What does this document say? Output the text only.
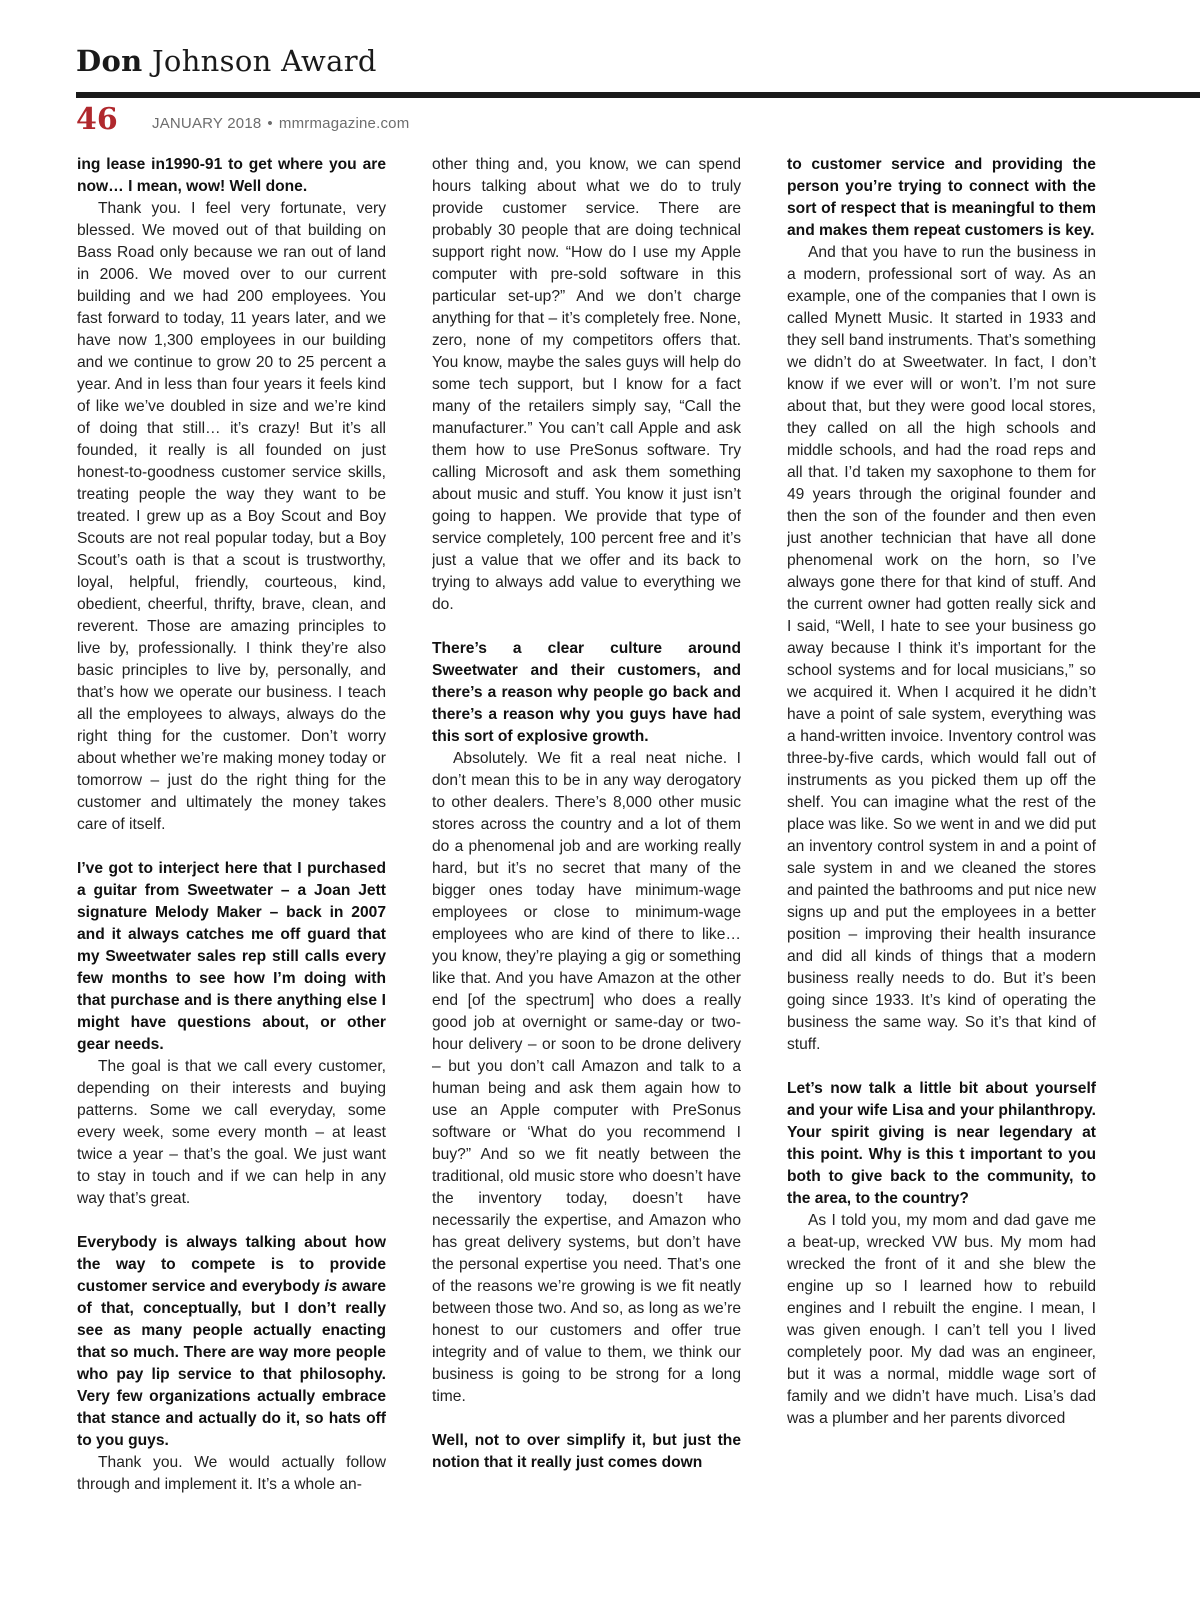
Don Johnson Award
46 JANUARY 2018 • mmrmagazine.com

ing lease in1990-91 to get where you are now… I mean, wow! Well done.

Thank you. I feel very fortunate, very blessed. We moved out of that building on Bass Road only because we ran out of land in 2006. We moved over to our current building and we had 200 employees. You fast forward to today, 11 years later, and we have now 1,300 employees in our building and we continue to grow 20 to 25 percent a year. And in less than four years it feels kind of like we’ve doubled in size and we’re kind of doing that still… it’s crazy! But it’s all founded, it really is all founded on just honest-to-goodness customer service skills, treating people the way they want to be treated. I grew up as a Boy Scout and Boy Scouts are not real popular today, but a Boy Scout’s oath is that a scout is trustworthy, loyal, helpful, friendly, courteous, kind, obedient, cheerful, thrifty, brave, clean, and reverent. Those are amazing principles to live by, professionally. I think they’re also basic principles to live by, personally, and that’s how we operate our business. I teach all the employees to always, always do the right thing for the customer. Don’t worry about whether we’re making money today or tomorrow – just do the right thing for the customer and ultimately the money takes care of itself.

I’ve got to interject here that I purchased a guitar from Sweetwater – a Joan Jett signature Melody Maker – back in 2007 and it always catches me off guard that my Sweetwater sales rep still calls every few months to see how I’m doing with that purchase and is there anything else I might have questions about, or other gear needs.

The goal is that we call every customer, depending on their interests and buying patterns. Some we call everyday, some every week, some every month – at least twice a year – that’s the goal. We just want to stay in touch and if we can help in any way that’s great.

Everybody is always talking about how the way to compete is to provide customer service and everybody is aware of that, conceptually, but I don’t really see as many people actually enacting that so much. There are way more people who pay lip service to that philosophy. Very few organizations actually embrace that stance and actually do it, so hats off to you guys.

Thank you. We would actually follow through and implement it. It’s a whole an-

other thing and, you know, we can spend hours talking about what we do to truly provide customer service. There are probably 30 people that are doing technical support right now. “How do I use my Apple computer with pre-sold software in this particular set-up?” And we don’t charge anything for that – it’s completely free. None, zero, none of my competitors offers that. You know, maybe the sales guys will help do some tech support, but I know for a fact many of the retailers simply say, “Call the manufacturer.” You can’t call Apple and ask them how to use PreSonus software. Try calling Microsoft and ask them something about music and stuff. You know it just isn’t going to happen. We provide that type of service completely, 100 percent free and it’s just a value that we offer and its back to trying to always add value to everything we do.

There’s a clear culture around Sweetwater and their customers, and there’s a reason why people go back and there’s a reason why you guys have had this sort of explosive growth.

Absolutely. We fit a real neat niche. I don’t mean this to be in any way derogatory to other dealers. There’s 8,000 other music stores across the country and a lot of them do a phenomenal job and are working really hard, but it’s no secret that many of the bigger ones today have minimum-wage employees or close to minimum-wage employees who are kind of there to like… you know, they’re playing a gig or something like that. And you have Amazon at the other end [of the spectrum] who does a really good job at overnight or same-day or two-hour delivery – or soon to be drone delivery – but you don’t call Amazon and talk to a human being and ask them again how to use an Apple computer with PreSonus software or ‘What do you recommend I buy?” And so we fit neatly between the traditional, old music store who doesn’t have the inventory today, doesn’t have necessarily the expertise, and Amazon who has great delivery systems, but don’t have the personal expertise you need. That’s one of the reasons we’re growing is we fit neatly between those two. And so, as long as we’re honest to our customers and offer true integrity and of value to them, we think our business is going to be strong for a long time.

Well, not to over simplify it, but just the notion that it really just comes down

to customer service and providing the person you’re trying to connect with the sort of respect that is meaningful to them and makes them repeat customers is key.

And that you have to run the business in a modern, professional sort of way. As an example, one of the companies that I own is called Mynett Music. It started in 1933 and they sell band instruments. That’s something we didn’t do at Sweetwater. In fact, I don’t know if we ever will or won’t. I’m not sure about that, but they were good local stores, they called on all the high schools and middle schools, and had the road reps and all that. I’d taken my saxophone to them for 49 years through the original founder and then the son of the founder and then even just another technician that have all done phenomenal work on the horn, so I’ve always gone there for that kind of stuff. And the current owner had gotten really sick and I said, “Well, I hate to see your business go away because I think it’s important for the school systems and for local musicians,” so we acquired it. When I acquired it he didn’t have a point of sale system, everything was a hand-written invoice. Inventory control was three-by-five cards, which would fall out of instruments as you picked them up off the shelf. You can imagine what the rest of the place was like. So we went in and we did put an inventory control system in and a point of sale system in and we cleaned the stores and painted the bathrooms and put nice new signs up and put the employees in a better position – improving their health insurance and did all kinds of things that a modern business really needs to do. But it’s been going since 1933. It’s kind of operating the business the same way. So it’s that kind of stuff.

Let’s now talk a little bit about yourself and your wife Lisa and your philanthropy. Your spirit giving is near legendary at this point. Why is this t important to you both to give back to the community, to the area, to the country?

As I told you, my mom and dad gave me a beat-up, wrecked VW bus. My mom had wrecked the front of it and she blew the engine up so I learned how to rebuild engines and I rebuilt the engine. I mean, I was given enough. I can’t tell you I lived completely poor. My dad was an engineer, but it was a normal, middle wage sort of family and we didn’t have much. Lisa’s dad was a plumber and her parents divorced
